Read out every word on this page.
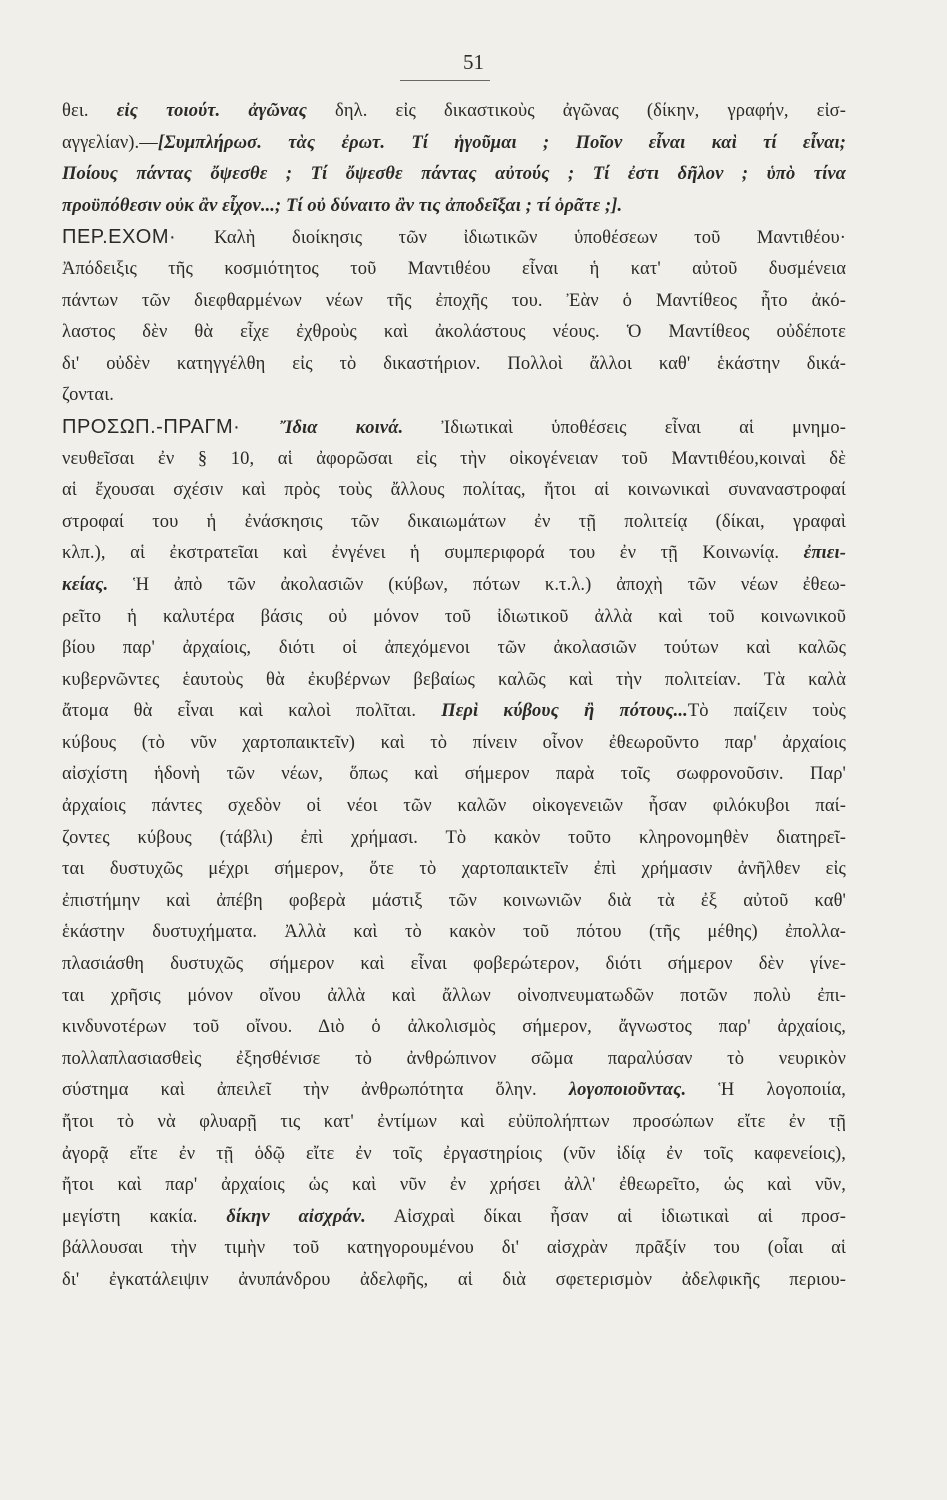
51
θει. εἰς τοιούτ. ἀγῶνας δηλ. εἰς δικαστικοὺς ἀγῶνας (δίκην, γραφήν, εἰσ-
αγγελίαν).—[Συμπλήρωσ. τὰς ἐρωτ. Τί ἡγοῦμαι ; Ποῖον εἶναι καὶ τί εἶναι;
Ποίους πάντας ὄψεσθε ; Τί ὄψεσθε πάντας αὐτούς ; Τί ἐστι δῆλον ; ὑπὸ τίνα
προϋπόθεσιν οὐκ ἂν εἶχον...; Τί οὐ δύναιτο ἂν τις ἀποδεῖξαι ; τί ὁρᾶτε ;].
ΠΕΡ.ΕΧΟΜ· Καλὴ διοίκησις τῶν ἰδιωτικῶν ὑποθέσεων τοῦ Μαντιθέου·
Ἀπόδειξις τῆς κοσμιότητος τοῦ Μαντιθέου εἶναι ἡ κατ' αὐτοῦ δυσμένεια
πάντων τῶν διεφθαρμένων νέων τῆς ἐποχῆς του. Ἐὰν ὁ Μαντίθεος ἦτο ἀκό-
λαστος δὲν θὰ εἶχε ἐχθροὺς καὶ ἀκολάστους νέους. Ὁ Μαντίθεος οὐδέποτε
δι' οὐδὲν κατηγγέλθη εἰς τὸ δικαστήριον. Πολλοὶ ἄλλοι καθ' ἑκάστην δικά-
ζονται.
ΠΡΟΣΩΠ.-ΠΡΑΓΜ· Ἴδια κοινά. Ἰδιωτικαὶ ὑποθέσεις εἶναι αἱ μνημο-
νευθεῖσαι ἐν § 10, αἱ ἀφορῶσαι εἰς τὴν οἰκογένειαν τοῦ Μαντιθέου,κοιναὶ δὲ
αἱ ἔχουσαι σχέσιν καὶ πρὸς τοὺς ἄλλους πολίτας, ἤτοι αἱ κοινωνικαὶ συναναστροφαί
στροφαί του ἡ ἐνάσκησις τῶν δικαιωμάτων ἐν τῇ πολιτείᾳ (δίκαι, γραφαὶ
κλπ.), αἱ ἐκστρατεῖαι καὶ ἐνγένει ἡ συμπεριφορά του ἐν τῇ Κοινωνίᾳ. ἐπιει-
κείας. Ἡ ἀπὸ τῶν ἀκολασιῶν (κύβων, πότων κ.τ.λ.) ἀποχὴ τῶν νέων ἐθεω-
ρεῖτο ἡ καλυτέρα βάσις οὐ μόνον τοῦ ἰδιωτικοῦ ἀλλὰ καὶ τοῦ κοινωνικοῦ
βίου παρ' ἀρχαίοις, διότι οἱ ἀπεχόμενοι τῶν ἀκολασιῶν τούτων καὶ καλῶς
κυβερνῶντες ἑαυτοὺς θὰ ἐκυβέρνων βεβαίως καλῶς καὶ τὴν πολιτείαν. Τὰ καλὰ
ἄτομα θὰ εἶναι καὶ καλοὶ πολῖται. Περὶ κύβους ἢ πότους...Τὸ παίζειν τοὺς
κύβους (τὸ νῦν χαρτοπαικτεῖν) καὶ τὸ πίνειν οἶνον ἐθεωροῦντο παρ' ἀρχαίοις
αἰσχίστη ἡδονὴ τῶν νέων, ὅπως καὶ σήμερον παρὰ τοῖς σωφρονοῦσιν. Παρ'
ἀρχαίοις πάντες σχεδὸν οἱ νέοι τῶν καλῶν οἰκογενειῶν ἦσαν φιλόκυβοι παί-
ζοντες κύβους (τάβλι) ἐπὶ χρήμασι. Τὸ κακὸν τοῦτο κληρονομηθὲν διατηρεῖ-
ται δυστυχῶς μέχρι σήμερον, ὅτε τὸ χαρτοπαικτεῖν ἐπὶ χρήμασιν ἀνῆλθεν εἰς
ἐπιστήμην καὶ ἀπέβη φοβερὰ μάστιξ τῶν κοινωνιῶν διὰ τὰ ἐξ αὐτοῦ καθ'
ἑκάστην δυστυχήματα. Ἀλλὰ καὶ τὸ κακὸν τοῦ πότου (τῆς μέθης) ἐπολλα-
πλασιάσθη δυστυχῶς σήμερον καὶ εἶναι φοβερώτερον, διότι σήμερον δὲν γίνε-
ται χρῆσις μόνον οἴνου ἀλλὰ καὶ ἄλλων οἰνοπνευματωδῶν ποτῶν πολὺ ἐπι-
κινδυνοτέρων τοῦ οἴνου. Διὸ ὁ ἀλκολισμὸς σήμερον, ἄγνωστος παρ' ἀρχαίοις,
πολλαπλασιασθεὶς ἐξησθένισε τὸ ἀνθρώπινον σῶμα παραλύσαν τὸ νευρικὸν
σύστημα καὶ ἀπειλεῖ τὴν ἀνθρωπότητα ὅλην. λογοποιοῦντας. Ἡ λογοποιία,
ἤτοι τὸ νὰ φλυαρῇ τις κατ' ἐντίμων καὶ εὐϋπολήπτων προσώπων εἴτε ἐν τῇ
ἀγορᾷ εἴτε ἐν τῇ ὁδῷ εἴτε ἐν τοῖς ἐργαστηρίοις (νῦν ἰδίᾳ ἐν τοῖς καφενείοις),
ἤτοι καὶ παρ' ἀρχαίοις ὡς καὶ νῦν ἐν χρήσει ἀλλ' ἐθεωρεῖτο, ὡς καὶ νῦν,
μεγίστη κακία. δίκην αἰσχράν. Αἰσχραὶ δίκαι ἦσαν αἱ ἰδιωτικαὶ αἱ προσ-
βάλλουσαι τὴν τιμὴν τοῦ κατηγορουμένου δι' αἰσχρὰν πρᾶξίν του (οἷαι αἱ
δι' ἐγκατάλειψιν ἀνυπάνδρου ἀδελφῆς, αἱ διὰ σφετερισμὸν ἀδελφικῆς περιου-
